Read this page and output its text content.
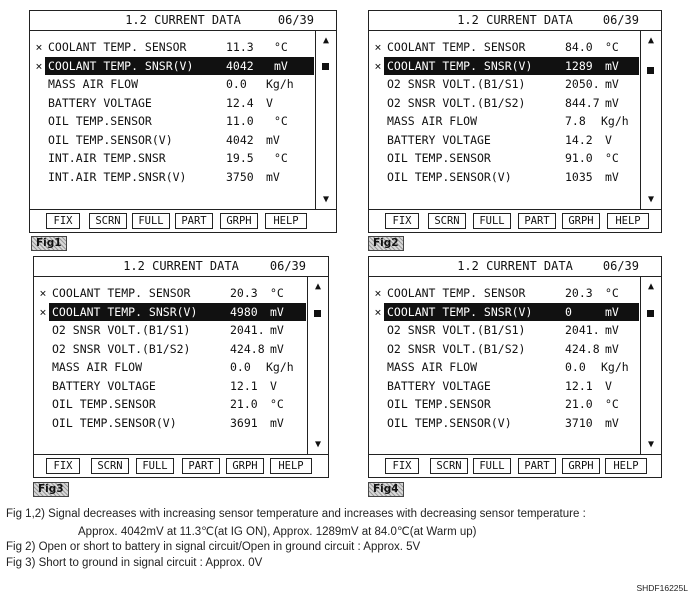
1.2 CURRENT DATA	06/39
× COOLANT TEMP. SENSOR	11.3 °C
× COOLANT TEMP. SNSR(V)	4042 mV
MASS AIR FLOW	0.0 Kg/h
BATTERY VOLTAGE	12.4 V
OIL TEMP.SENSOR	11.0 °C
OIL TEMP.SENSOR(V)	4042 mV
INT.AIR TEMP.SNSR	19.5 °C
INT.AIR TEMP.SNSR(V)	3750 mV
▲
▼
FIX	SCRN	FULL	PART	GRPH	HELP
Fig1
1.2 CURRENT DATA	06/39
× COOLANT TEMP. SENSOR	84.0 °C
× COOLANT TEMP. SNSR(V)	1289 mV
O2 SNSR VOLT.(B1/S1)	2050. mV
O2 SNSR VOLT.(B1/S2)	844.7 mV
MASS AIR FLOW	7.8 Kg/h
BATTERY VOLTAGE	14.2 V
OIL TEMP.SENSOR	91.0 °C
OIL TEMP.SENSOR(V)	1035 mV
▲
▼
FIX	SCRN	FULL	PART	GRPH	HELP
Fig2
1.2 CURRENT DATA	06/39
× COOLANT TEMP. SENSOR	20.3 °C
× COOLANT TEMP. SNSR(V)	4980 mV
O2 SNSR VOLT.(B1/S1)	2041. mV
O2 SNSR VOLT.(B1/S2)	424.8 mV
MASS AIR FLOW	0.0 Kg/h
BATTERY VOLTAGE	12.1 V
OIL TEMP.SENSOR	21.0 °C
OIL TEMP.SENSOR(V)	3691 mV
▲
▼
FIX	SCRN	FULL	PART	GRPH	HELP
Fig3
1.2 CURRENT DATA	06/39
× COOLANT TEMP. SENSOR	20.3 °C
× COOLANT TEMP. SNSR(V)	0	mV
O2 SNSR VOLT.(B1/S1)	2041. mV
O2 SNSR VOLT.(B1/S2)	424.8 mV
MASS AIR FLOW	0.0 Kg/h
BATTERY VOLTAGE	12.1 V
OIL TEMP.SENSOR	21.0 °C
OIL TEMP.SENSOR(V)	3710 mV
▲
▼
FIX	SCRN	FULL	PART	GRPH	HELP
Fig4
Fig 1,2) Signal decreases with increasing sensor temperature and increases with decreasing sensor temperature :
Approx. 4042mV at 11.3℃(at IG ON), Approx. 1289mV at 84.0℃(at Warm up)
Fig 2) Open or short to battery in signal circuit/Open in ground circuit : Approx. 5V
Fig 3) Short to ground in signal circuit : Approx. 0V
SHDF16225L
